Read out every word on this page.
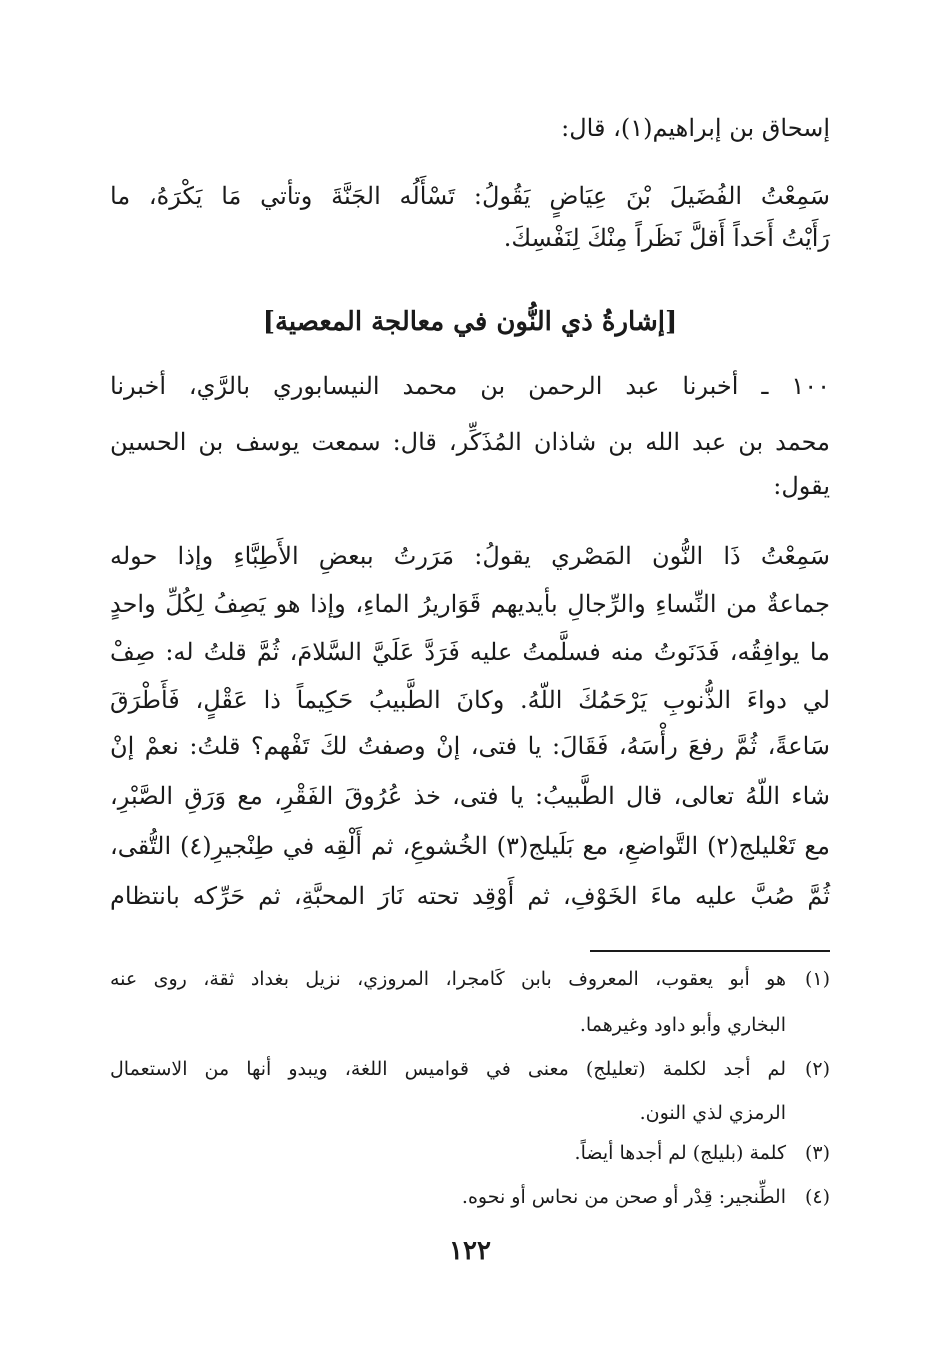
إسحاق بن إبراهيم(١)، قال:
سَمِعْتُ الفُضَيلَ بْنَ عِيَاضٍ يَقُولُ: تَسْأَلُه الجَنَّةَ وتأتي مَا يَكْرَهُ، ما
رَأَيْتُ أَحَداً أَقلَّ نَظَراً مِنْكَ لِنَفْسِكَ.
[إشارةُ ذي النُّون في معالجة المعصية]
١٠٠ ـ أخبرنا عبد الرحمن بن محمد النيسابوري بالرَّي، أخبرنا
محمد بن عبد الله بن شاذان المُذَكِّر، قال: سمعت يوسف بن الحسين
يقول:
سَمِعْتُ ذَا النُّون المَصْري يقولُ: مَرَرتُ ببعضِ الأَطِبَّاءِ وإذا حوله
جماعةٌ من النِّساءِ والرِّجالِ بأيديهم قَوَاريرُ الماءِ، وإذا هو يَصِفُ لِكُلِّ واحدٍ
ما يوافِقُه، فَدَنَوتُ منه فسلَّمتُ عليه فَرَدَّ عَلَيَّ السَّلامَ، ثُمَّ قلتُ له: صِفْ
لي دواءَ الذُّنوبِ يَرْحَمُكَ اللّهُ. وكانَ الطَّبيبُ حَكِيماً ذا عَقْلٍ، فَأَطْرَقَ
سَاعةً، ثُمَّ رفعَ رأْسَهُ، فَقَالَ: يا فتى، إنْ وصفتُ لكَ تَفْهم؟ قلتُ: نعمْ إنْ
شاء اللّهُ تعالى، قال الطَّبيبُ: يا فتى، خذ عُرُوقَ الفَقْرِ، مع وَرَقِ الصَّبْرِ،
مع تَعْليلج(٢) التَّواضعِ، مع بَلَيلج(٣) الخُشوعِ، ثم أَلْقِه في طِنْجيرِ(٤) التُّقى،
ثُمَّ صُبَّ عليه ماءَ الخَوْفِ، ثم أَوْقِد تحته نَارَ المحبَّةِ، ثم حَرِّكه بانتظام
(١)هو أبو يعقوب، المعروف بابن كَامجرا، المروزي، نزيل بغداد ثقة، روى عنه
البخاري وأبو داود وغيرهما.
(٢)لم أجد لكلمة (تعليلج) معنى في قواميس اللغة، ويبدو أنها من الاستعمال
الرمزي لذي النون.
(٣)كلمة (بليلج) لم أجدها أيضاً.
(٤)الطِّنجير: قِدْر أو صحن من نحاس أو نحوه.
١٢٢
